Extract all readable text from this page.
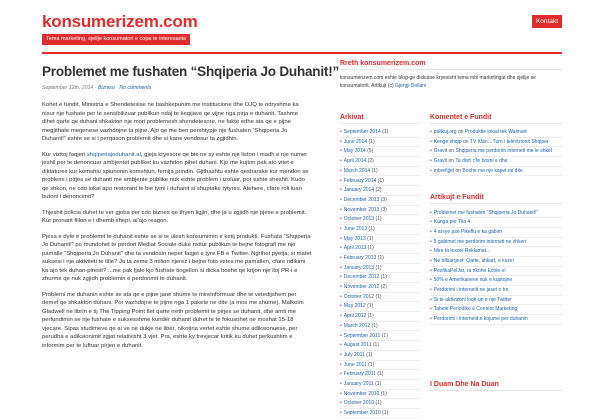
konsumerizem.com
Tema marketing, sjellje konsumatori e copa te interesante
Kontakt
Problemet me fushaten “Shqiperia Jo Duhanit!”
September 12th, 2014 · Biznesi · No comments

Kohet e fundit, Ministria e Shendetesise ne bashkepunim me institucione dhe OJQ te ndryshme ka nisur nje fushate per te sensibilizuar publikun ndaj te keqijave qe vijne nga pirja e duhanit. Tashme dihet qarte qe duhani shkakton nje mori problemesh shendetesore, ne fakte edhe ata qe e pijne megjithate meqenese vazhdojne ta pijne. Ajo qe me ben pershtypje nje fushaten “Shqiperia Jo Duhanit!” eshte se si i perqason problemit dhe si kane vendosur ta zgjidhin.

Kur vizitoj faqjen shqiperiajoduhanit.al, gjeja kryesore qe bie ne sy eshte nje liston i madh e nje numer jeshil per te denoncuar ambjentet publiket ku vazhdon pihet duhani. Kjo me kujton pak ato vitet e diktatures kur komshiu spiunonin komshiun, femija prindin. Gjithashtu eshte qesharake kur mendon se problemi i pirjes se duhanit me ambjente publike nuk eshte problem i izoluar, por eshte sheshit. Kudo qe shkon, ne cdo lokal apo restorant te bie tymi i duhanit si shuptake tytyres. Atehere, cfare roli luan butoni i denoncimit?

Thjeshit policia duhet te ver gjoba per cdo biznes qe thyen ligjin, dhe ja u zgjidh nje pjese e problemit. Kur pronarit fillon e i dhemb xhepi, ai'ajo reagon.

Pjesa e dyte e problemit te duhanit eshte se si te ulesh konsumimin e ketij produkti. Fushata “Shqiperia Jo Duhanit!” po mundohet te perdori Mediat Sociale duke nxitur publikun te bejne fotografi me nje pamalle “Shqiperia Jo Duhanit” dhe ta vendosin neper faqjet e tyre FB e Twitter. Ngrihet pyetja; si matet suksesi i nje aktiviteti te tille? Ja ta zeme 3 milion njerez i bejne foto vetes me pamallen, cfare ndikimi ka ajo tek duhan-piresit? ...me pak fjale kjo fushate tingellon si dicka boshe qe krijon nje iloj PR-i e zhurme qe nuk zgjidh problemin e perdorimit te duhanit.

Problemi me duhanin eshte se ata qe e pijne jane shume te mireinformuar dhe te vetedijshem per demet qe shkakton duhani. Por vazhdojne te pijne nga 1 pakete ne dite (a mos me shume). Malkolm Gladwell ne librin e tij The Tipping Point flet qarte rreth problemit te pirjes se duhanit, dhe amti me perfundimin se nje fushate e suksesshme kundër duhanit duhet te te fokusohet ne moshat 15-18 vjecare. Sipas studimeve qe ai ve ne dukje ne liber, nikotina vertet eshte shume adiksionuese, per perudha e adiksionimit zgjat relativisht 3 vjet. Pra, eshte ky trevjecar kritik ku duhet perkushtim e informim per te luftuar pirjen e duhanit.

Rreth konsumerizem.com
konsumerizem.com eshte blog-ge diskutoe kryesisht tema mbi marketingut dhe sjellje se konsumatorit. Artikujt (c) Gjergji Dollani
Arkivat
• September 2014 (1)
• June 2014 (1)
• May 2014 (5)
• April 2014 (2)
• March 2014 (1)
• February 2014 (1)
• January 2014 (2)
• December 2013 (3)
• November 2013 (3)
• October 2013 (1)
• June 2013 (1)
• May 2013 (1)
• April 2013 (1)
• February 2013 (1)
• January 2013 (1)
• December 2012 (1)
• November 2012 (2)
• October 2012 (1)
• May 2012 (1)
• April 2012 (1)
• March 2012 (1)
• September 2011 (1)
• August 2011 (1)
• July 2011 (1)
• June 2011 (1)
• February 2011 (1)
• January 2011 (1)
• November 2010 (1)
• October 2010 (1)
• September 2010 (1)
Komentet e Fundit
• palikuj.org on Produktie lokial tek Walmart
• Kenge shqip on TV Klan…Turn i televizionit Shqiper
• Gravit on Shqiperia me perdorim interneti me ie shkel
• Gravit on Ta dish c'te bosni e dhe
• mbrefijjet on Boshe me nje kapel ne dite
Artikujt e Fundit
• Problemet me fushaten “Shqiperia Jo Duhanit!”
• Kanga per Tila 4
• 4 arsye pse Pikeflu e ka gabim
• 5 gabimet me perdorim interneti ne shkeri
• Mire ta lexoni Reklamat...
• Ne bilbarrjeet: Qarte, shkurt, e kuse!
• PesfikaPelJar, ra nkohe Ecole-s!
• 50% e Amerikaneve nuk e kuptojne
• Perdorimi i internetit ne jaset e tre
• Si te aktivizoni look-un e nje Twitter
• Tabele Periodike e Content Marketing
• Perdorimi i internetit e kojume per duhanin
I Duam Dhe Na Duan
